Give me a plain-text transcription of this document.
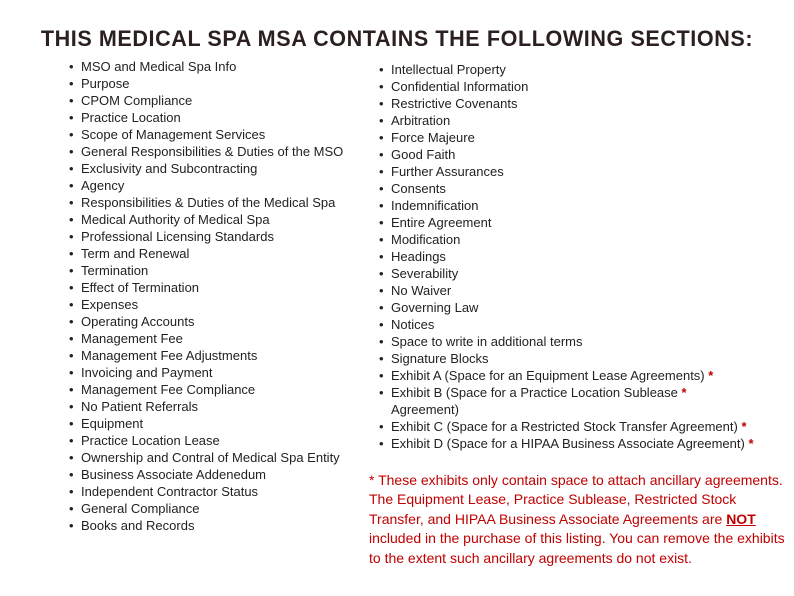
THIS MEDICAL SPA MSA CONTAINS THE FOLLOWING SECTIONS:
• MSO and Medical Spa Info
• Purpose
• CPOM Compliance
• Practice Location
• Scope of Management Services
• General Responsibilities & Duties of the MSO
• Exclusivity and Subcontracting
• Agency
• Responsibilities & Duties of the Medical Spa
• Medical Authority of Medical Spa
• Professional Licensing Standards
• Term and Renewal
• Termination
• Effect of Termination
• Expenses
• Operating Accounts
• Management Fee
• Management Fee Adjustments
• Invoicing and Payment
• Management Fee Compliance
• No Patient Referrals
• Equipment
• Practice Location Lease
• Ownership and Contral of Medical Spa Entity
• Business Associate Addenedum
• Independent Contractor Status
• General Compliance
• Books and Records
• Intellectual Property
• Confidential Information
• Restrictive Covenants
• Arbitration
• Force Majeure
• Good Faith
• Further Assurances
• Consents
• Indemnification
• Entire Agreement
• Modification
• Headings
• Severability
• No Waiver
• Governing Law
• Notices
• Space to write in additional terms
• Signature Blocks
• Exhibit A (Space for an Equipment Lease Agreements) *
• Exhibit B (Space for a Practice Location Sublease *
Agreement)
• Exhibit C (Space for a Restricted Stock Transfer Agreement) *
• Exhibit D (Space for a HIPAA Business Associate Agreement) *
* These exhibits only contain space to attach ancillary agreements. The Equipment Lease, Practice Sublease, Restricted Stock Transfer, and HIPAA Business Associate Agreements are NOT included in the purchase of this listing. You can remove the exhibits to the extent such ancillary agreements do not exist.
